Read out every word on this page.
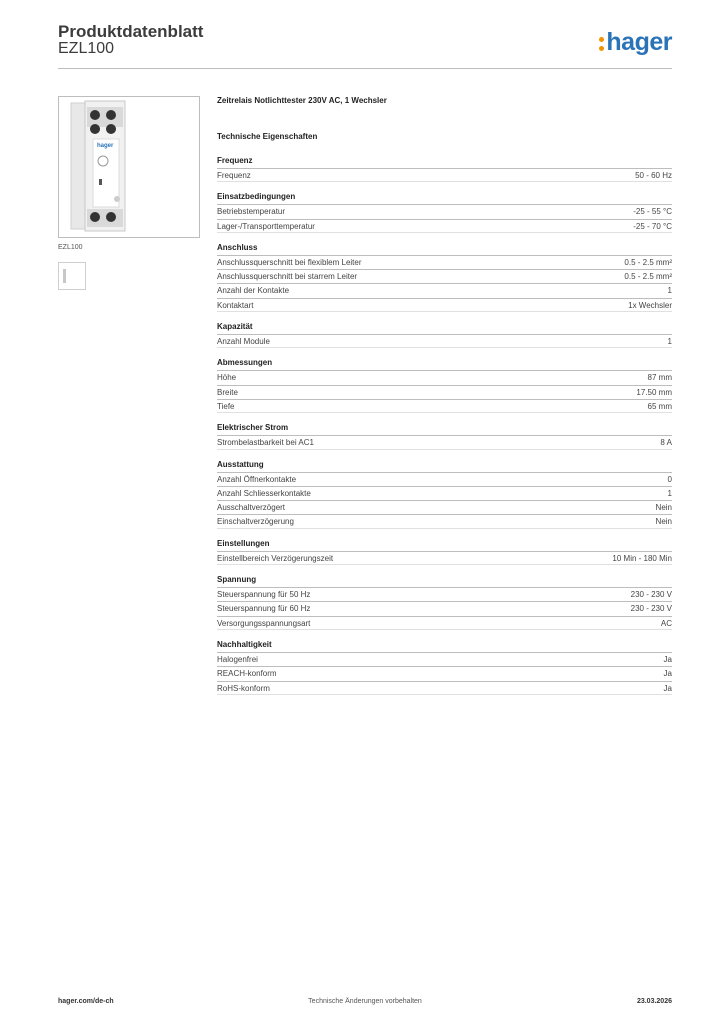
Produktdatenblatt
EZL100	hager
hager
EZL100
Zeitrelais Notlichttester 230V AC, 1 Wechsler
Technische Eigenschaften
Frequenz
Frequenz	50 - 60 Hz
Einsatzbedingungen
Betriebstemperatur	-25 - 55 °C
Lager-/Transporttemperatur	-25 - 70 °C
Anschluss
Anschlussquerschnitt bei flexiblem Leiter	0.5 - 2.5 mm²
Anschlussquerschnitt bei starrem Leiter	0.5 - 2.5 mm²
Anzahl der Kontakte	1
Kontaktart	1x Wechsler
Kapazität
Anzahl Module	1
Abmessungen
Höhe	87 mm
Breite	17.50 mm
Tiefe	65 mm
Elektrischer Strom
Strombelastbarkeit bei AC1	8 A
Ausstattung
Anzahl Öffnerkontakte	0
Anzahl Schliesserkontakte	1
Ausschaltverzögert	Nein
Einschaltverzögerung	Nein
Einstellungen
Einstellbereich Verzögerungszeit	10 Min - 180 Min
Spannung
Steuerspannung für 50 Hz	230 - 230 V
Steuerspannung für 60 Hz	230 - 230 V
Versorgungsspannungsart	AC
Nachhaltigkeit
Halogenfrei	Ja
REACH-konform	Ja
RoHS-konform	Ja
hager.com/de-ch	Technische Änderungen vorbehalten	23.03.2026
